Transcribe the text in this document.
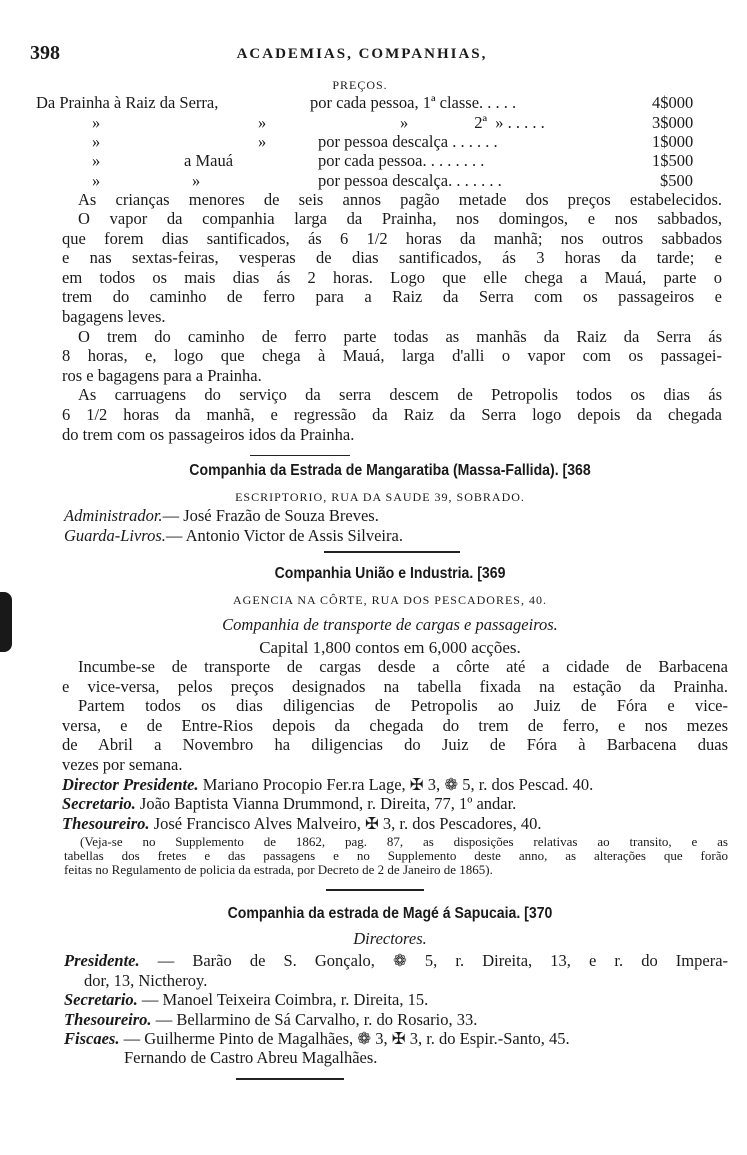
398	ACADEMIAS, COMPANHIAS,
PREÇOS.
Da Prainha à Raiz da Serra,	por cada pessoa, 1ª classe. . . . .	4$000
»	»	»                2ª  » . . . . .	3$000
»	»	por pessoa descalça . . . . . .	1$000
»	a Mauá	por cada pessoa. . . . . . . .	1$500
»	»	por pessoa descalça. . . . . . .	$500
As crianças menores de seis annos pagão metade dos preços estabelecidos.
O vapor da companhia larga da Prainha, nos domingos, e nos sabbados,
que forem dias santificados, ás 6 1/2 horas da manhã; nos outros sabbados
e nas sextas-feiras, vesperas de dias santificados, ás 3 horas da tarde; e
em todos os mais dias ás 2 horas. Logo que elle chega a Mauá, parte o
trem do caminho de ferro para a Raiz da Serra com os passageiros e
bagagens leves.
O trem do caminho de ferro parte todas as manhãs da Raiz da Serra ás
8 horas, e, logo que chega à Mauá, larga d'alli o vapor com os passagei-
ros e bagagens para a Prainha.
As carruagens do serviço da serra descem de Petropolis todos os dias ás
6 1/2 horas da manhã, e regressão da Raiz da Serra logo depois da chegada
do trem com os passageiros idos da Prainha.
Companhia da Estrada de Mangaratiba (Massa-Fallida). [368
ESCRIPTORIO, RUA DA SAUDE 39, SOBRADO.
Administrador.— José Frazão de Souza Breves.
Guarda-Livros.— Antonio Victor de Assis Silveira.
Companhia União e Industria. [369
AGENCIA NA CÔRTE, RUA DOS PESCADORES, 40.
Companhia de transporte de cargas e passageiros.
Capital 1,800 contos em 6,000 acções.
Incumbe-se de transporte de cargas desde a côrte até a cidade de Barbacena
e vice-versa, pelos preços designados na tabella fixada na estação da Prainha.
Partem todos os dias diligencias de Petropolis ao Juiz de Fóra e vice-
versa, e de Entre-Rios depois da chegada do trem de ferro, e nos mezes
de Abril a Novembro ha diligencias do Juiz de Fóra à Barbacena duas
vezes por semana.
Director Presidente. Mariano Procopio Fer.ra Lage, ✠ 3, ❁ 5, r. dos Pescad. 40.
Secretario. João Baptista Vianna Drummond, r. Direita, 77, 1º andar.
Thesoureiro. José Francisco Alves Malveiro, ✠ 3, r. dos Pescadores, 40.
(Veja-se no Supplemento de 1862, pag. 87, as disposições relativas ao transito, e as
tabellas dos fretes e das passagens e no Supplemento deste anno, as alterações que forão
feitas no Regulamento de policia da estrada, por Decreto de 2 de Janeiro de 1865).
Companhia da estrada de Magé á Sapucaia. [370
Directores.
Presidente. — Barão de S. Gonçalo, ❁ 5, r. Direita, 13, e r. do Impera-
dor, 13, Nictheroy.
Secretario. — Manoel Teixeira Coimbra, r. Direita, 15.
Thesoureiro. — Bellarmino de Sá Carvalho, r. do Rosario, 33.
Fiscaes. — Guilherme Pinto de Magalhães, ❁ 3, ✠ 3, r. do Espir.-Santo, 45.
Fernando de Castro Abreu Magalhães.
